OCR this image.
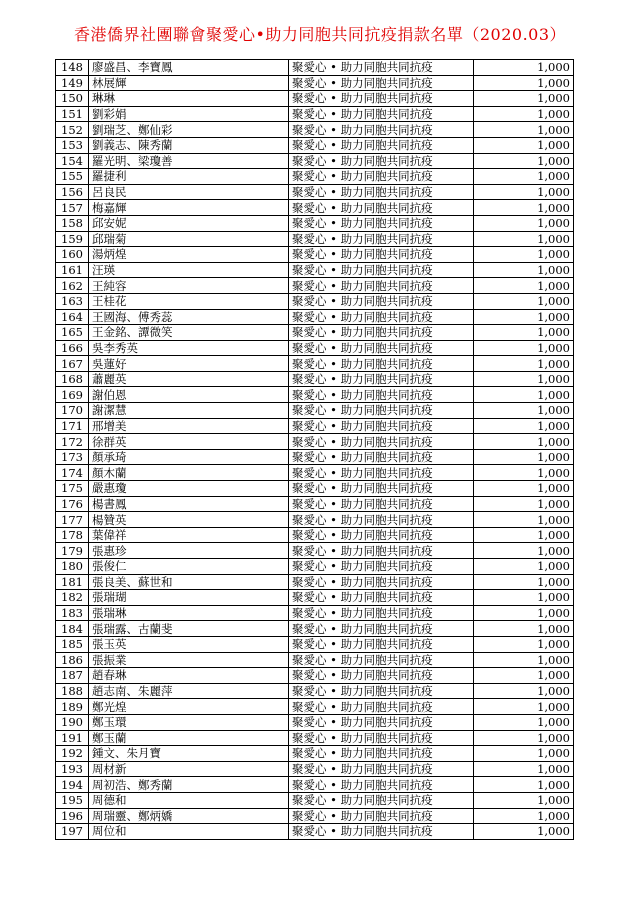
香港僑界社團聯會聚愛心•助力同胞共同抗疫捐款名單（2020.03）
148	廖盛昌、李寶鳳	聚愛心 • 助力同胞共同抗疫	1,000
149	林展輝	聚愛心 • 助力同胞共同抗疫	1,000
150	琳琳	聚愛心 • 助力同胞共同抗疫	1,000
151	劉彩娟	聚愛心 • 助力同胞共同抗疫	1,000
152	劉瑞芝、鄭仙彩	聚愛心 • 助力同胞共同抗疫	1,000
153	劉義志、陳秀蘭	聚愛心 • 助力同胞共同抗疫	1,000
154	羅光明、梁瓊善	聚愛心 • 助力同胞共同抗疫	1,000
155	羅捷利	聚愛心 • 助力同胞共同抗疫	1,000
156	呂良民	聚愛心 • 助力同胞共同抗疫	1,000
157	梅嘉輝	聚愛心 • 助力同胞共同抗疫	1,000
158	邱安妮	聚愛心 • 助力同胞共同抗疫	1,000
159	邱瑞菊	聚愛心 • 助力同胞共同抗疫	1,000
160	湯炳煌	聚愛心 • 助力同胞共同抗疫	1,000
161	汪瑛	聚愛心 • 助力同胞共同抗疫	1,000
162	王純容	聚愛心 • 助力同胞共同抗疫	1,000
163	王桂花	聚愛心 • 助力同胞共同抗疫	1,000
164	王國海、傅秀蕊	聚愛心 • 助力同胞共同抗疫	1,000
165	王金銘、譚微笑	聚愛心 • 助力同胞共同抗疫	1,000
166	吳李秀英	聚愛心 • 助力同胞共同抗疫	1,000
167	吳蓮好	聚愛心 • 助力同胞共同抗疫	1,000
168	蕭麗英	聚愛心 • 助力同胞共同抗疫	1,000
169	謝伯恩	聚愛心 • 助力同胞共同抗疫	1,000
170	謝潔慧	聚愛心 • 助力同胞共同抗疫	1,000
171	邢增美	聚愛心 • 助力同胞共同抗疫	1,000
172	徐群英	聚愛心 • 助力同胞共同抗疫	1,000
173	顏承琦	聚愛心 • 助力同胞共同抗疫	1,000
174	顏木蘭	聚愛心 • 助力同胞共同抗疫	1,000
175	嚴惠瓊	聚愛心 • 助力同胞共同抗疫	1,000
176	楊書鳳	聚愛心 • 助力同胞共同抗疫	1,000
177	楊贊英	聚愛心 • 助力同胞共同抗疫	1,000
178	葉偉祥	聚愛心 • 助力同胞共同抗疫	1,000
179	張惠珍	聚愛心 • 助力同胞共同抗疫	1,000
180	張俊仁	聚愛心 • 助力同胞共同抗疫	1,000
181	張良美、蘇世和	聚愛心 • 助力同胞共同抗疫	1,000
182	張瑞瑚	聚愛心 • 助力同胞共同抗疫	1,000
183	張瑞琳	聚愛心 • 助力同胞共同抗疫	1,000
184	張瑞露、古蘭斐	聚愛心 • 助力同胞共同抗疫	1,000
185	張玉英	聚愛心 • 助力同胞共同抗疫	1,000
186	張振業	聚愛心 • 助力同胞共同抗疫	1,000
187	趙春琳	聚愛心 • 助力同胞共同抗疫	1,000
188	趙志南、朱麗萍	聚愛心 • 助力同胞共同抗疫	1,000
189	鄭光煌	聚愛心 • 助力同胞共同抗疫	1,000
190	鄭玉環	聚愛心 • 助力同胞共同抗疫	1,000
191	鄭玉蘭	聚愛心 • 助力同胞共同抗疫	1,000
192	鍾文、朱月寶	聚愛心 • 助力同胞共同抗疫	1,000
193	周材新	聚愛心 • 助力同胞共同抗疫	1,000
194	周初浩、鄭秀蘭	聚愛心 • 助力同胞共同抗疫	1,000
195	周德和	聚愛心 • 助力同胞共同抗疫	1,000
196	周瑞靈、鄭炳嬌	聚愛心 • 助力同胞共同抗疫	1,000
197	周位和	聚愛心 • 助力同胞共同抗疫	1,000
